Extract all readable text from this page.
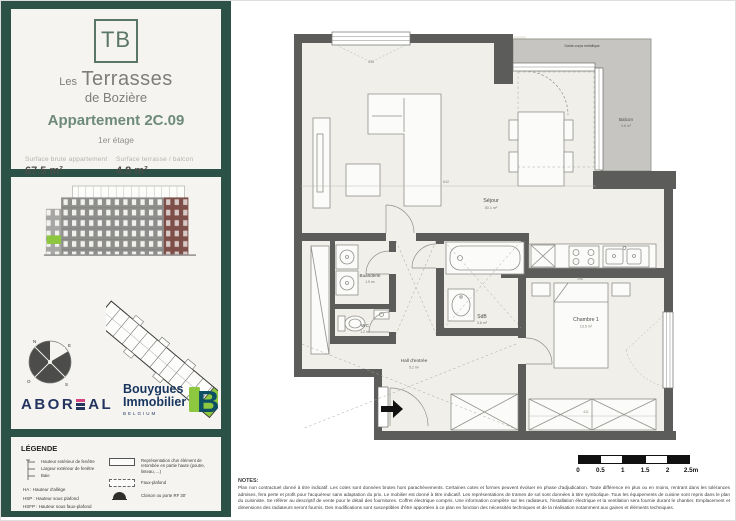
TB
Les Terrasses
de Bozière
Appartement 2C.09
1er étage
Surface brute appartement
67.5 m²
Surface terrasse / balcon
4.8 m²
N
E
S
O
ABO R AL
Bouygues
Immobilier
BELGIUM	B
LÉGENDE
Hauteur extérieur de fenêtre
Largeur extérieur de fenêtre
Baie
HA : Hauteur d'allège
HSP : Hauteur sous plafond
HSFP : Hauteur sous faux-plafond
Représentation d'un élément de retombée en partie haute (poutre, linteau, ...)
Faux-plafond
Cloison ou porte RF 30'
Garde-corps métallique
Balcon
4.8 m²
Séjour
30.1 m²
Chambre 1
13.5 m²
SdB
3.6 m²
Buanderie
1.9 m²
WC
1.2 m²
Hall d'entrée
5.2 m²
435
642
296
411
0	0.5	1	1.5	2 2.5m
NOTES:

Plan non contractuel donné à titre indicatif. Les cotes sont données brutes hors parachèvements. Certaines cotes et formes peuvent évoluer en phase d'adjudication. Toute différence en plus ou en moins, rentrant dans les tolérances admises, fera perte et profit pour l'acquéreur sans adaptation du prix. Le mobilier est donné à titre indicatif. Les représentations de trames de sol sont données à titre symbolique. Tous les équipements de cuisine sont repris dans le plan du cuisiniste. Se référer au descriptif de vente pour le détail des fournitures. Coffret électrique compris. Une information complète sur les radiateurs, l'installation électrique et la ventilation sera fournie durant le chantier. Emplacement et dimensions des radiateurs seront fournis. Des modifications sont susceptibles d'être apportées à ce plan en fonction des nécessités techniques et de la réalisation notamment aux gaines et éléments techniques.
